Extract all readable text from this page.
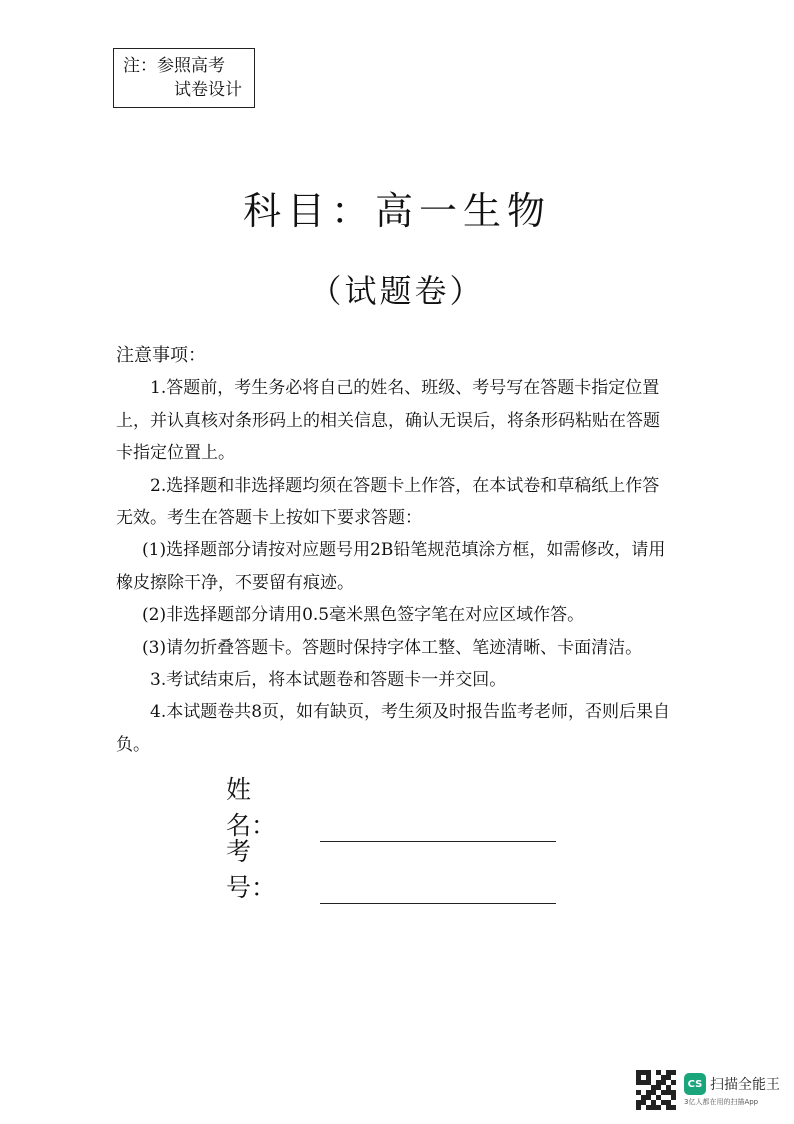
注：参照高考
试卷设计
科目：高一生物
（试题卷）

注意事项：

1.答题前，考生务必将自己的姓名、班级、考号写在答题卡指定位置上，并认真核对条形码上的相关信息，确认无误后，将条形码粘贴在答题卡指定位置上。

2.选择题和非选择题均须在答题卡上作答，在本试卷和草稿纸上作答无效。考生在答题卡上按如下要求答题：

(1)选择题部分请按对应题号用2B铅笔规范填涂方框，如需修改，请用橡皮擦除干净，不要留有痕迹。

(2)非选择题部分请用0.5毫米黑色签字笔在对应区域作答。

(3)请勿折叠答题卡。答题时保持字体工整、笔迹清晰、卡面清洁。

3.考试结束后，将本试题卷和答题卡一并交回。

4.本试题卷共8页，如有缺页，考生须及时报告监考老师，否则后果自负。

姓　名：
考　号：
CS 扫描全能王
3亿人都在用的扫描App
